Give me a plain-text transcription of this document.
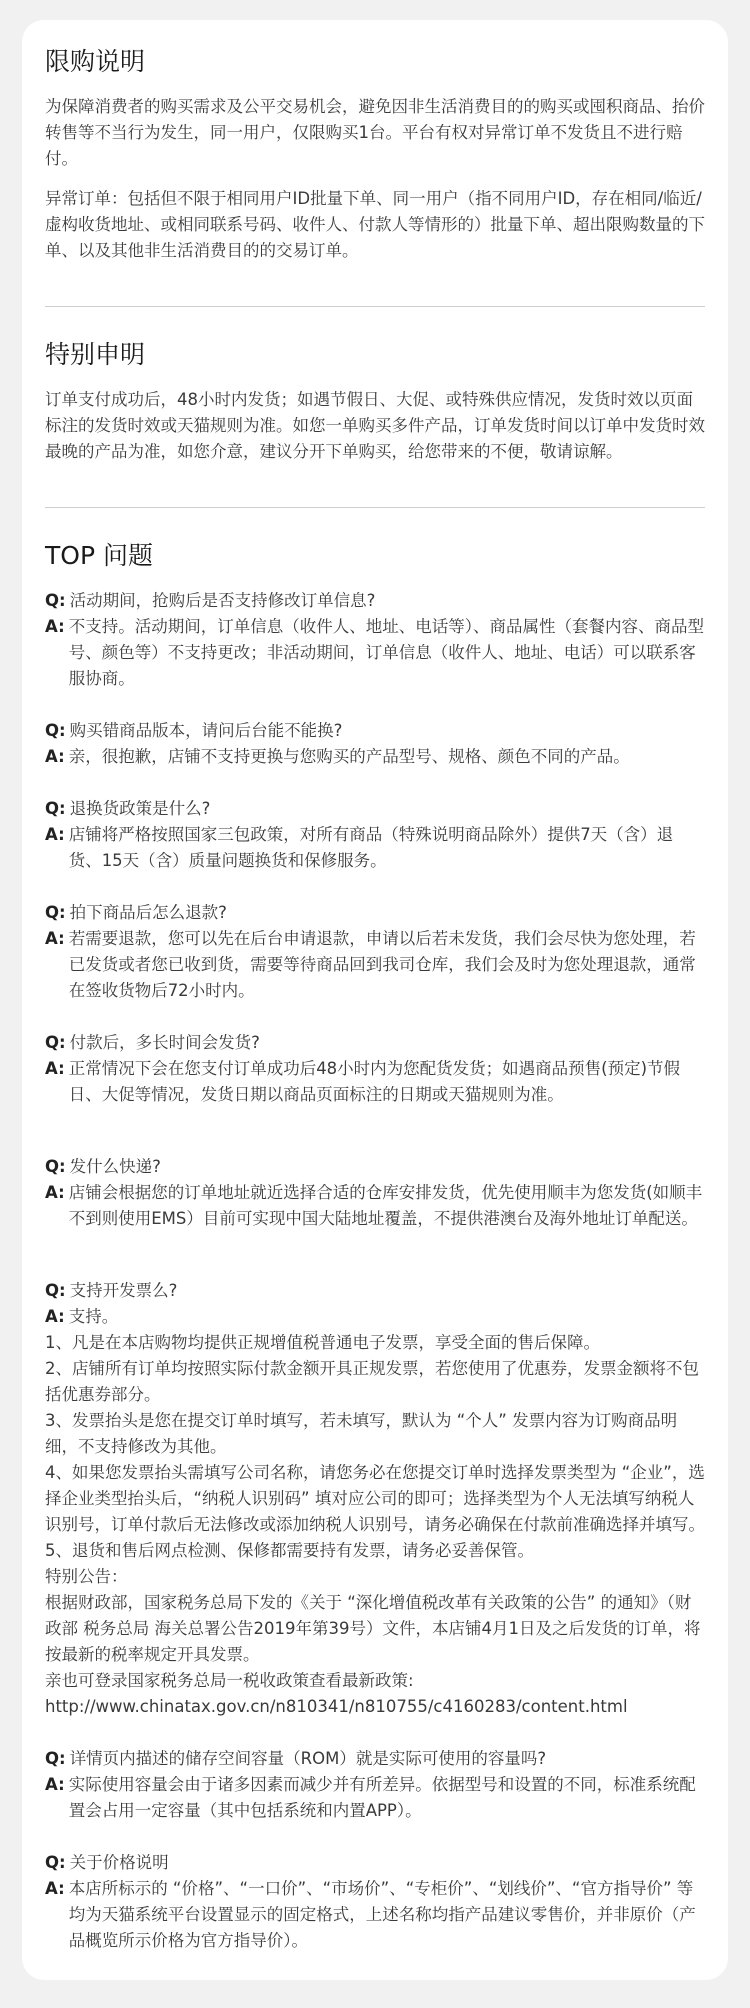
限购说明

为保障消费者的购买需求及公平交易机会，避免因非生活消费目的的购买或囤积商品、抬价转售等不当行为发生，同一用户，仅限购买1台。平台有权对异常订单不发货且不进行赔付。

异常订单：包括但不限于相同用户ID批量下单、同一用户（指不同用户ID，存在相同/临近/虚构收货地址、或相同联系号码、收件人、付款人等情形的）批量下单、超出限购数量的下单、以及其他非生活消费目的的交易订单。

特别申明

订单支付成功后，48小时内发货；如遇节假日、大促、或特殊供应情况，发货时效以页面标注的发货时效或天猫规则为准。如您一单购买多件产品，订单发货时间以订单中发货时效最晚的产品为准，如您介意，建议分开下单购买，给您带来的不便，敬请谅解。

TOP 问题
Q: 活动期间，抢购后是否支持修改订单信息?
A: 不支持。活动期间，订单信息（收件人、地址、电话等）、商品属性（套餐内容、商品型号、颜色等）不支持更改；非活动期间，订单信息（收件人、地址、电话）可以联系客服协商。
Q: 购买错商品版本，请问后台能不能换?
A: 亲，很抱歉，店铺不支持更换与您购买的产品型号、规格、颜色不同的产品。
Q: 退换货政策是什么?
A: 店铺将严格按照国家三包政策，对所有商品（特殊说明商品除外）提供7天（含）退货、15天（含）质量问题换货和保修服务。
Q: 拍下商品后怎么退款?
A: 若需要退款，您可以先在后台申请退款，申请以后若未发货，我们会尽快为您处理，若已发货或者您已收到货，需要等待商品回到我司仓库，我们会及时为您处理退款，通常在签收货物后72小时内。
Q: 付款后，多长时间会发货?
A: 正常情况下会在您支付订单成功后48小时内为您配货发货；如遇商品预售(预定)节假日、大促等情况，发货日期以商品页面标注的日期或天猫规则为准。
Q: 发什么快递?
A: 店铺会根据您的订单地址就近选择合适的仓库安排发货，优先使用顺丰为您发货(如顺丰不到则使用EMS）目前可实现中国大陆地址覆盖，不提供港澳台及海外地址订单配送。
Q: 支持开发票么?
A: 支持。

1、凡是在本店购物均提供正规增值税普通电子发票，享受全面的售后保障。

2、店铺所有订单均按照实际付款金额开具正规发票，若您使用了优惠券，发票金额将不包括优惠券部分。

3、发票抬头是您在提交订单时填写，若未填写，默认为 “个人” 发票内容为订购商品明细，不支持修改为其他。

4、如果您发票抬头需填写公司名称，请您务必在您提交订单时选择发票类型为 “企业”，选择企业类型抬头后，“纳税人识别码” 填对应公司的即可；选择类型为个人无法填写纳税人识别号，订单付款后无法修改或添加纳税人识别号，请务必确保在付款前准确选择并填写。

5、退货和售后网点检测、保修都需要持有发票，请务必妥善保管。

特别公告：

根据财政部，国家税务总局下发的《关于 “深化增值税改革有关政策的公告” 的通知》（财政部 税务总局 海关总署公告2019年第39号）文件，本店铺4月1日及之后发货的订单，将按最新的税率规定开具发票。

亲也可登录国家税务总局一税收政策查看最新政策:

http://www.chinatax.gov.cn/n810341/n810755/c4160283/content.html

Q: 详情页内描述的储存空间容量（ROM）就是实际可使用的容量吗?
A: 实际使用容量会由于诸多因素而减少并有所差异。依据型号和设置的不同，标准系统配置会占用一定容量（其中包括系统和内置APP）。
Q: 关于价格说明
A: 本店所标示的 “价格”、“一口价”、“市场价”、“专柜价”、“划线价”、“官方指导价” 等均为天猫系统平台设置显示的固定格式，上述名称均指产品建议零售价，并非原价（产品概览所示价格为官方指导价）。
